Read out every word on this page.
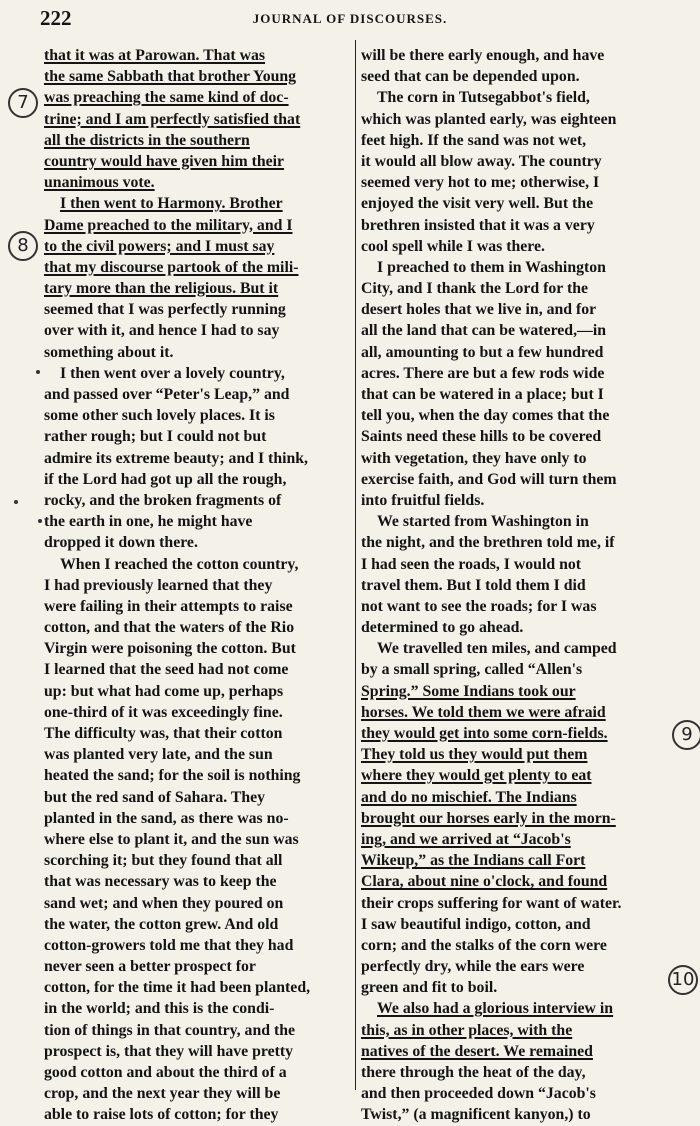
222	JOURNAL OF DISCOURSES.
that it was at Parowan. That was
the same Sabbath that brother Young
was preaching the same kind of doc-
trine; and I am perfectly satisfied that
all the districts in the southern
country would have given him their
unanimous vote.
I then went to Harmony. Brother
Dame preached to the military, and I
to the civil powers; and I must say
that my discourse partook of the mili-
tary more than the religious. But it
seemed that I was perfectly running
over with it, and hence I had to say
something about it.
I then went over a lovely country,
and passed over “Peter's Leap,” and
some other such lovely places. It is
rather rough; but I could not but
admire its extreme beauty; and I think,
if the Lord had got up all the rough,
rocky, and the broken fragments of
the earth in one, he might have
dropped it down there.
When I reached the cotton country,
I had previously learned that they
were failing in their attempts to raise
cotton, and that the waters of the Rio
Virgin were poisoning the cotton. But
I learned that the seed had not come
up: but what had come up, perhaps
one-third of it was exceedingly fine.
The difficulty was, that their cotton
was planted very late, and the sun
heated the sand; for the soil is nothing
but the red sand of Sahara. They
planted in the sand, as there was no-
where else to plant it, and the sun was
scorching it; but they found that all
that was necessary was to keep the
sand wet; and when they poured on
the water, the cotton grew. And old
cotton-growers told me that they had
never seen a better prospect for
cotton, for the time it had been planted,
in the world; and this is the condi-
tion of things in that country, and the
prospect is, that they will have pretty
good cotton and about the third of a
crop, and the next year they will be
able to raise lots of cotton; for they
will be there early enough, and have
seed that can be depended upon.
The corn in Tutsegabbot's field,
which was planted early, was eighteen
feet high. If the sand was not wet,
it would all blow away. The country
seemed very hot to me; otherwise, I
enjoyed the visit very well. But the
brethren insisted that it was a very
cool spell while I was there.
I preached to them in Washington
City, and I thank the Lord for the
desert holes that we live in, and for
all the land that can be watered,—in
all, amounting to but a few hundred
acres. There are but a few rods wide
that can be watered in a place; but I
tell you, when the day comes that the
Saints need these hills to be covered
with vegetation, they have only to
exercise faith, and God will turn them
into fruitful fields.
We started from Washington in
the night, and the brethren told me, if
I had seen the roads, I would not
travel them. But I told them I did
not want to see the roads; for I was
determined to go ahead.
We travelled ten miles, and camped
by a small spring, called “Allen's
Spring.” Some Indians took our
horses. We told them we were afraid
they would get into some corn-fields.
They told us they would put them
where they would get plenty to eat
and do no mischief. The Indians
brought our horses early in the morn-
ing, and we arrived at “Jacob's
Wikeup,” as the Indians call Fort
Clara, about nine o'clock, and found
their crops suffering for want of water.
I saw beautiful indigo, cotton, and
corn; and the stalks of the corn were
perfectly dry, while the ears were
green and fit to boil.
We also had a glorious interview in
this, as in other places, with the
natives of the desert. We remained
there through the heat of the day,
and then proceeded down “Jacob's
Twist,” (a magnificent kanyon,) to
7
8
9
10
